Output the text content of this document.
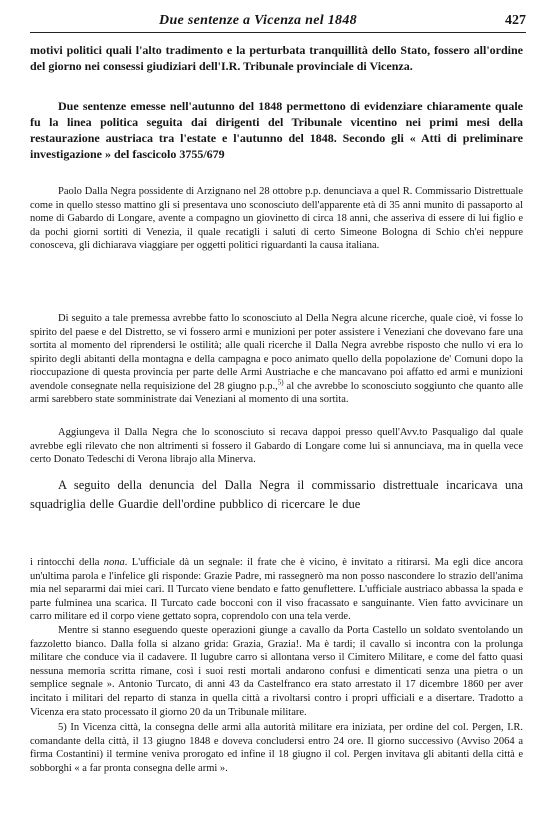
Due sentenze a Vicenza nel 1848	427

motivi politici quali l'alto tradimento e la perturbata tranquillità dello Stato, fossero all'ordine del giorno nei consessi giudiziari dell'I.R. Tribunale provinciale di Vicenza.

Due sentenze emesse nell'autunno del 1848 permettono di evidenziare chiaramente quale fu la linea politica seguita dai dirigenti del Tribunale vicentino nei primi mesi della restaurazione austriaca tra l'estate e l'autunno del 1848. Secondo gli « Atti di preliminare investigazione » del fascicolo 3755/679

Paolo Dalla Negra possidente di Arzignano nel 28 ottobre p.p. denunciava a quel R. Commissario Distrettuale come in quello stesso mattino gli si presentava uno sconosciuto dell'apparente età di 35 anni munito di passaporto al nome di Gabardo di Longare, avente a compagno un giovinetto di circa 18 anni, che asseriva di essere di lui figlio e da pochi giorni sortiti di Venezia, il quale recatigli i saluti di certo Simeone Bologna di Schio ch'ei neppure conosceva, gli dichiarava viaggiare per oggetti politici riguardanti la causa italiana.

Di seguito a tale premessa avrebbe fatto lo sconosciuto al Della Negra alcune ricerche, quale cioè, vi fosse lo spirito del paese e del Distretto, se vi fossero armi e munizioni per poter assistere i Veneziani che dovevano fare una sortita al momento del riprendersi le ostilità; alle quali ricerche il Dalla Negra avrebbe risposto che nullo vi era lo spirito degli abitanti della montagna e della campagna e poco animato quello della popolazione de' Comuni dopo la rioccupazione di questa provincia per parte delle Armi Austriache e che mancavano poi affatto ed armi e munizioni avendole consegnate nella requisizione del 28 giugno p.p.,$^{5)}$ al che avrebbe lo sconosciuto soggiunto che quanto alle armi sarebbero state somministrate dai Veneziani al momento di una sortita.

Aggiungeva il Dalla Negra che lo sconosciuto si recava dappoi presso quell'Avv.to Pasqualigo dal quale avrebbe egli rilevato che non altrimenti si fossero il Gabardo di Longare come lui si annunciava, ma in quella vece certo Donato Tedeschi di Verona librajo alla Minerva.

A seguito della denuncia del Dalla Negra il commissario distrettuale incaricava una squadriglia delle Guardie dell'ordine pubblico di ricercare le due

i rintocchi della nona. L'ufficiale dà un segnale: il frate che è vicino, è invitato a ritirarsi. Ma egli dice ancora un'ultima parola e l'infelice gli risponde: Grazie Padre, mi rassegnerò ma non posso nascondere lo strazio dell'anima mia nel separarmi dai miei cari. Il Turcato viene bendato e fatto genuflettere. L'ufficiale austriaco abbassa la spada e parte fulminea una scarica. Il Turcato cade bocconi con il viso fracassato e sanguinante. Vien fatto avvicinare un carro militare ed il corpo viene gettato sopra, coprendolo con una tela verde.

Mentre si stanno eseguendo queste operazioni giunge a cavallo da Porta Castello un soldato sventolando un fazzoletto bianco. Dalla folla si alzano grida: Grazia, Grazia!. Ma è tardi; il cavallo si incontra con la prolunga militare che conduce via il cadavere. Il lugubre carro si allontana verso il Cimitero Militare, e come del fatto quasi nessuna memoria scritta rimane, così i suoi resti mortali andarono confusi e dimenticati senza una pietra o un semplice segnale ». Antonio Turcato, di anni 43 da Castelfranco era stato arrestato il 17 dicembre 1860 per aver incitato i militari del reparto di stanza in quella città a rivoltarsi contro i propri ufficiali e a disertare. Tradotto a Vicenza era stato processato il giorno 20 da un Tribunale militare.

5) In Vicenza città, la consegna delle armi alla autorità militare era iniziata, per ordine del col. Pergen, I.R. comandante della città, il 13 giugno 1848 e doveva concludersi entro 24 ore. Il giorno successivo (Avviso 2064 a firma Costantini) il termine veniva prorogato ed infine il 18 giugno il col. Pergen invitava gli abitanti della città e sobborghi « a far pronta consegna delle armi ».
